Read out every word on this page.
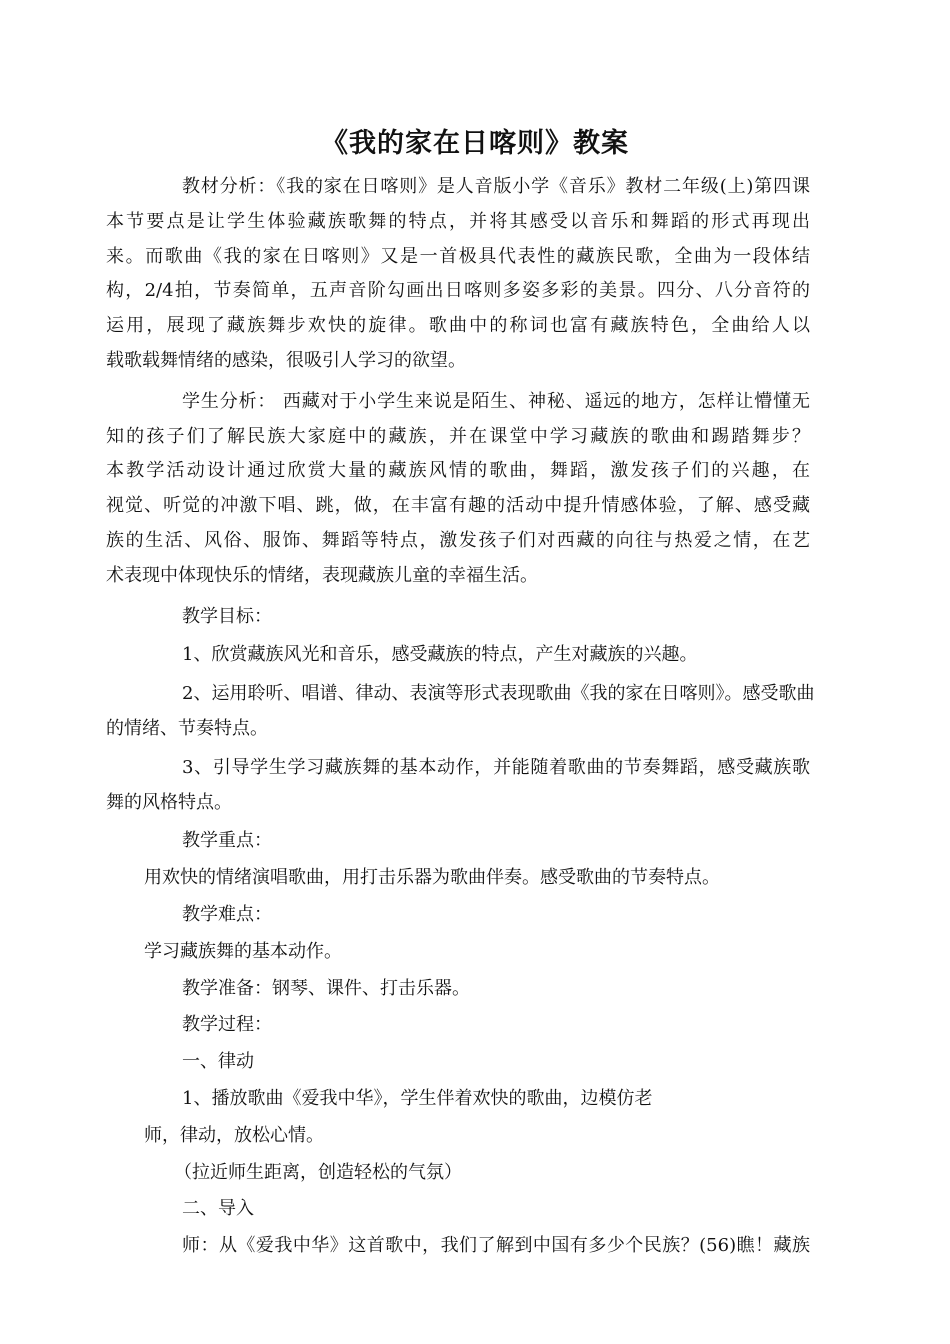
《我的家在日喀则》教案
教材分析：《我的家在日喀则》是人音版小学《音乐》教材二年级(上)第四课
本节要点是让学生体验藏族歌舞的特点，并将其感受以音乐和舞蹈的形式再现出
来。而歌曲《我的家在日喀则》又是一首极具代表性的藏族民歌，全曲为一段体结
构，2/4拍，节奏简单，五声音阶勾画出日喀则多姿多彩的美景。四分、八分音符的
运用，展现了藏族舞步欢快的旋律。歌曲中的称词也富有藏族特色，全曲给人以
载歌载舞情绪的感染，很吸引人学习的欲望。
学生分析： 西藏对于小学生来说是陌生、神秘、遥远的地方，怎样让懵懂无
知的孩子们了解民族大家庭中的藏族，并在课堂中学习藏族的歌曲和踢踏舞步？
本教学活动设计通过欣赏大量的藏族风情的歌曲，舞蹈，激发孩子们的兴趣，在
视觉、听觉的冲激下唱、跳，做，在丰富有趣的活动中提升情感体验，了解、感受藏
族的生活、风俗、服饰、舞蹈等特点，激发孩子们对西藏的向往与热爱之情，在艺
术表现中体现快乐的情绪，表现藏族儿童的幸福生活。
教学目标：
1、欣赏藏族风光和音乐，感受藏族的特点，产生对藏族的兴趣。
2、运用聆听、唱谱、律动、表演等形式表现歌曲《我的家在日喀则》。感受歌曲
的情绪、节奏特点。
3、引导学生学习藏族舞的基本动作，并能随着歌曲的节奏舞蹈，感受藏族歌
舞的风格特点。
教学重点：
用欢快的情绪演唱歌曲，用打击乐器为歌曲伴奏。感受歌曲的节奏特点。
教学难点：
学习藏族舞的基本动作。
教学准备：钢琴、课件、打击乐器。
教学过程：
一、律动
1、播放歌曲《爱我中华》，学生伴着欢快的歌曲，边模仿老
师，律动，放松心情。
（拉近师生距离，创造轻松的气氛）
二、导入
师：从《爱我中华》这首歌中，我们了解到中国有多少个民族？(56)瞧！藏族
